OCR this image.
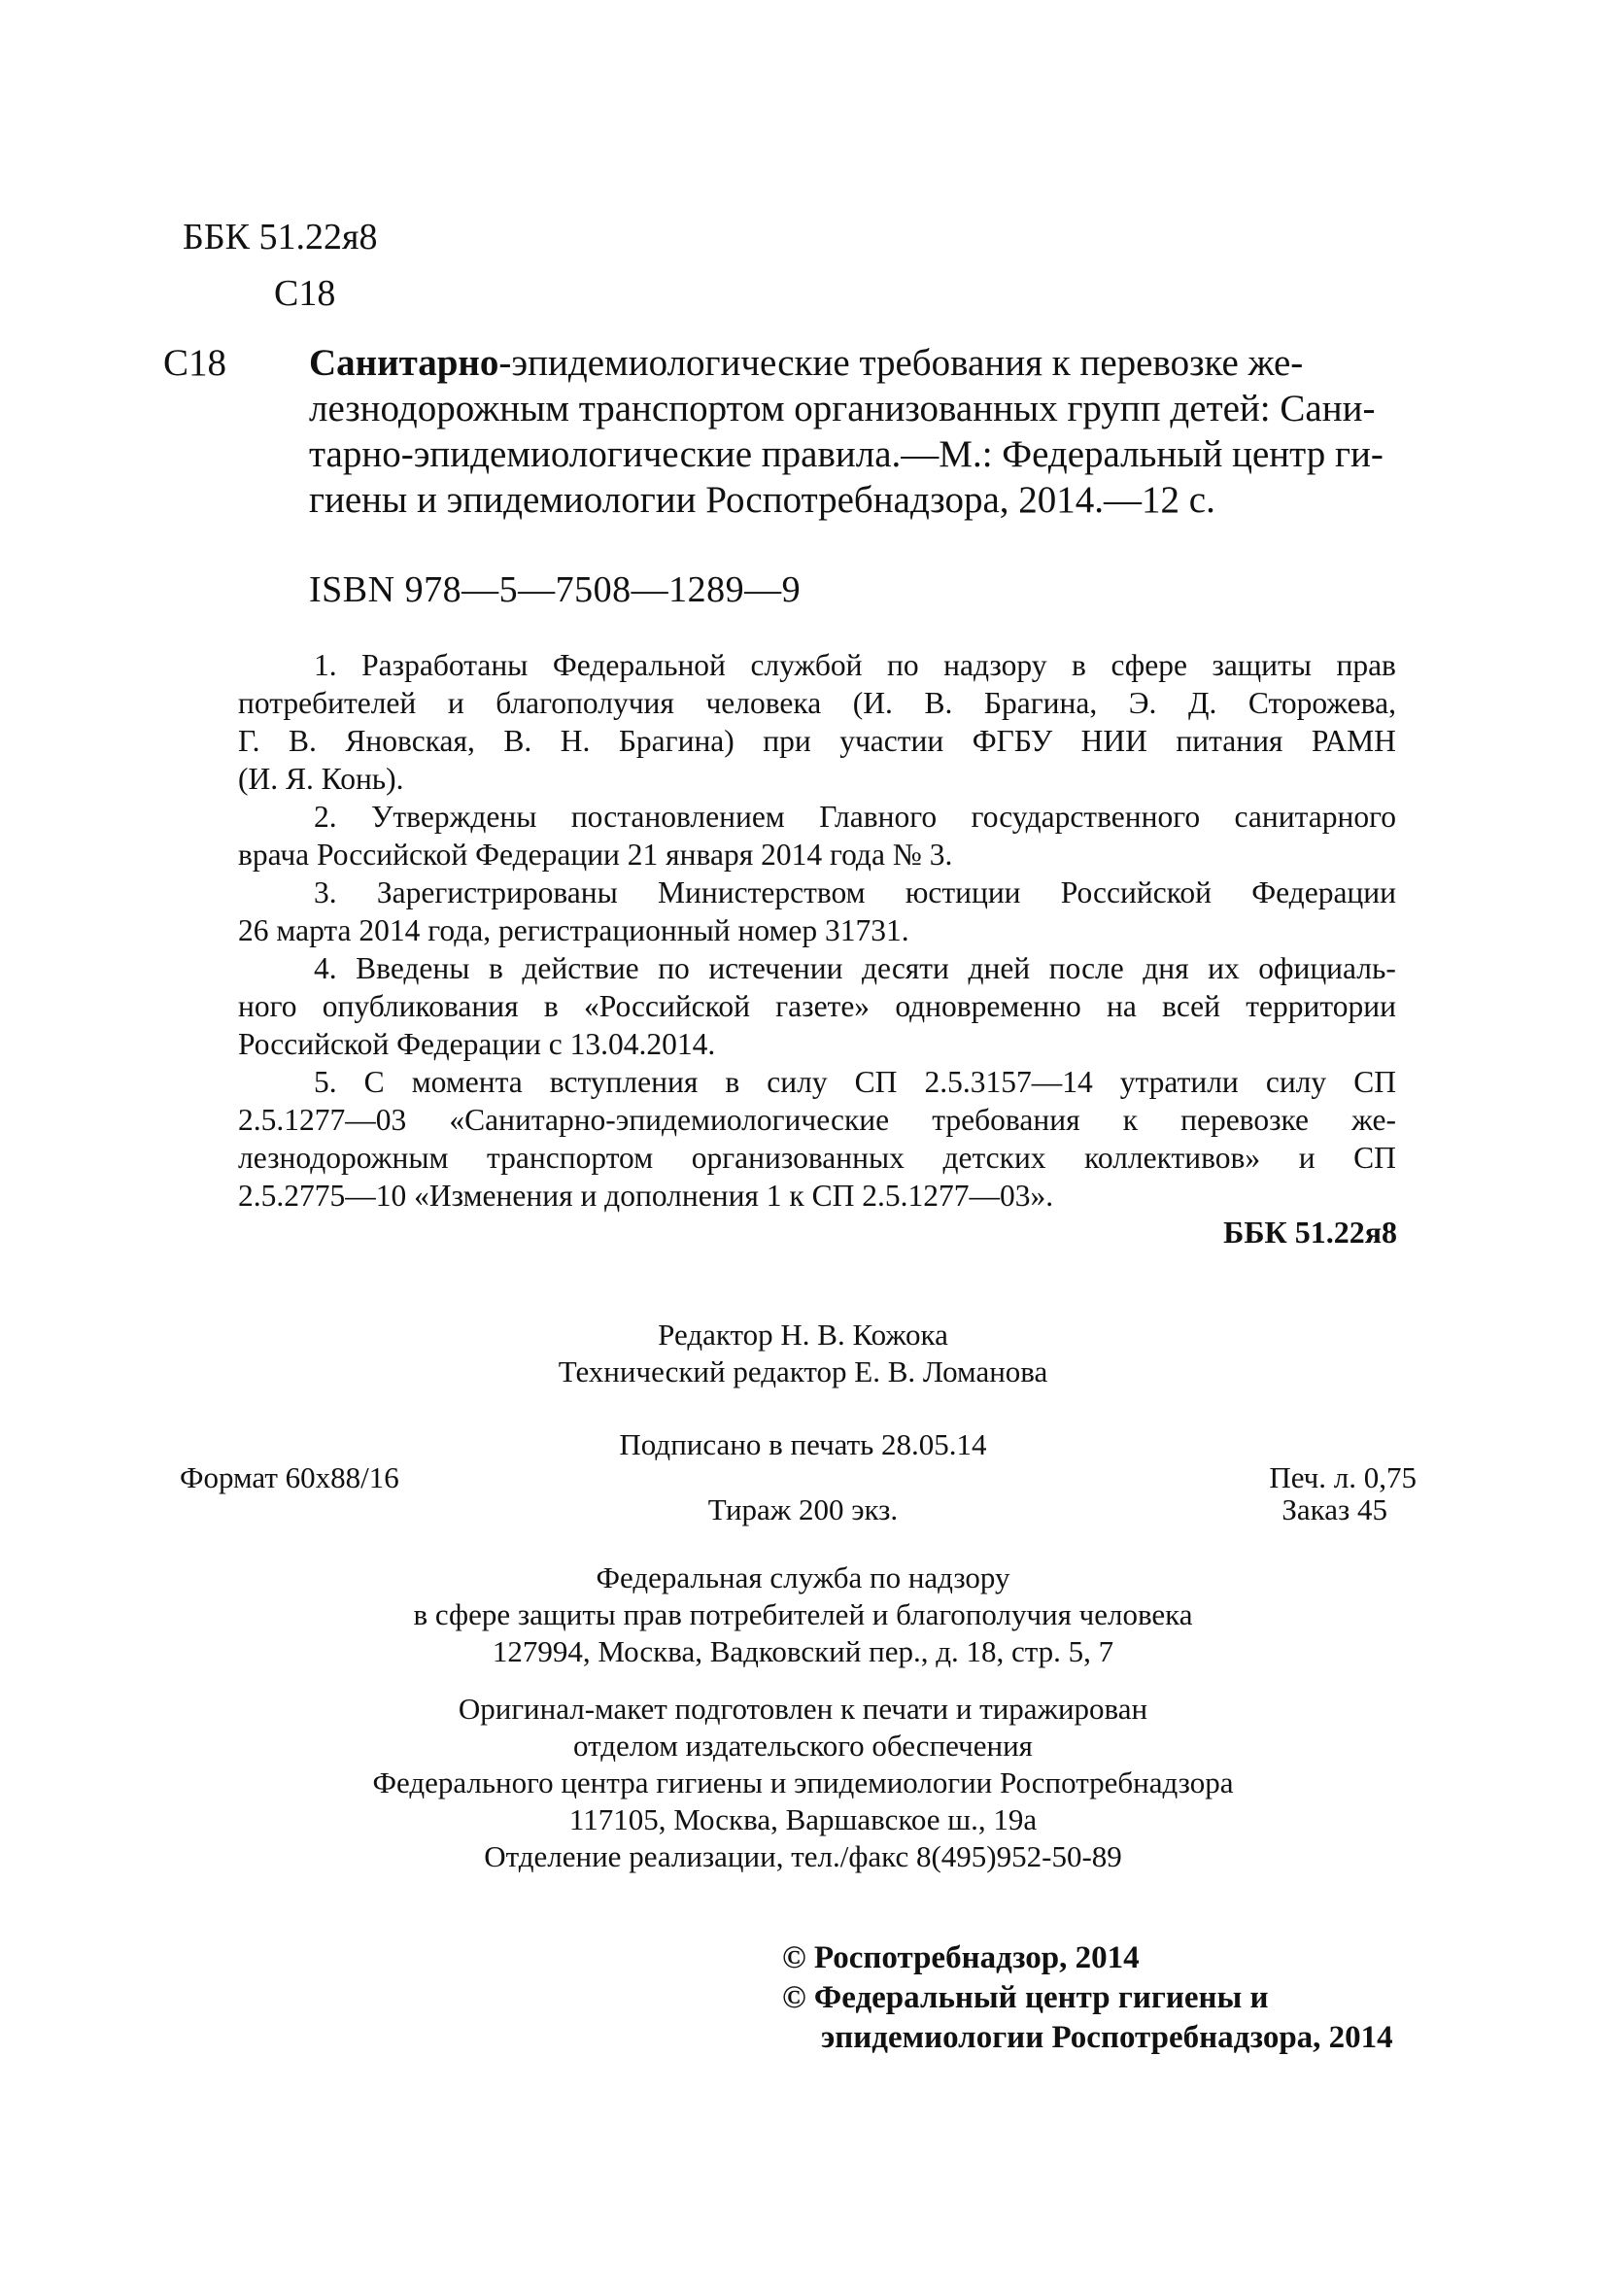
ББК 51.22я8
С18
С18 Санитарно-эпидемиологические требования к перевозке же-
лезнодорожным транспортом организованных групп детей: Сани-
тарно-эпидемиологические правила.—М.: Федеральный центр ги-
гиены и эпидемиологии Роспотребнадзора, 2014.—12 с.
ISBN 978—5—7508—1289—9
1. Разработаны Федеральной службой по надзору в сфере защиты прав
потребителей и благополучия человека (И. В. Брагина, Э. Д. Сторожева,
Г. В. Яновская, В. Н. Брагина) при участии ФГБУ НИИ питания РАМН
(И. Я. Конь).
2. Утверждены постановлением Главного государственного санитарного
врача Российской Федерации 21 января 2014 года № 3.
3. Зарегистрированы Министерством юстиции Российской Федерации
26 марта 2014 года, регистрационный номер 31731.
4. Введены в действие по истечении десяти дней после дня их официаль-
ного опубликования в «Российской газете» одновременно на всей территории
Российской Федерации с 13.04.2014.
5. С момента вступления в силу СП 2.5.3157—14 утратили силу СП
2.5.1277—03 «Санитарно-эпидемиологические требования к перевозке же-
лезнодорожным транспортом организованных детских коллективов» и СП
2.5.2775—10 «Изменения и дополнения 1 к СП 2.5.1277—03».
ББК 51.22я8
Редактор Н. В. Кожока
Технический редактор Е. В. Ломанова
Подписано в печать 28.05.14
Формат 60x88/16	Печ. л. 0,75
Тираж 200 экз.	Заказ 45
Федеральная служба по надзору
в сфере защиты прав потребителей и благополучия человека
127994, Москва, Вадковский пер., д. 18, стр. 5, 7
Оригинал-макет подготовлен к печати и тиражирован
отделом издательского обеспечения
Федерального центра гигиены и эпидемиологии Роспотребнадзора
117105, Москва, Варшавское ш., 19а
Отделение реализации, тел./факс 8(495)952-50-89
© Роспотребнадзор, 2014
© Федеральный центр гигиены и
эпидемиологии Роспотребнадзора, 2014
